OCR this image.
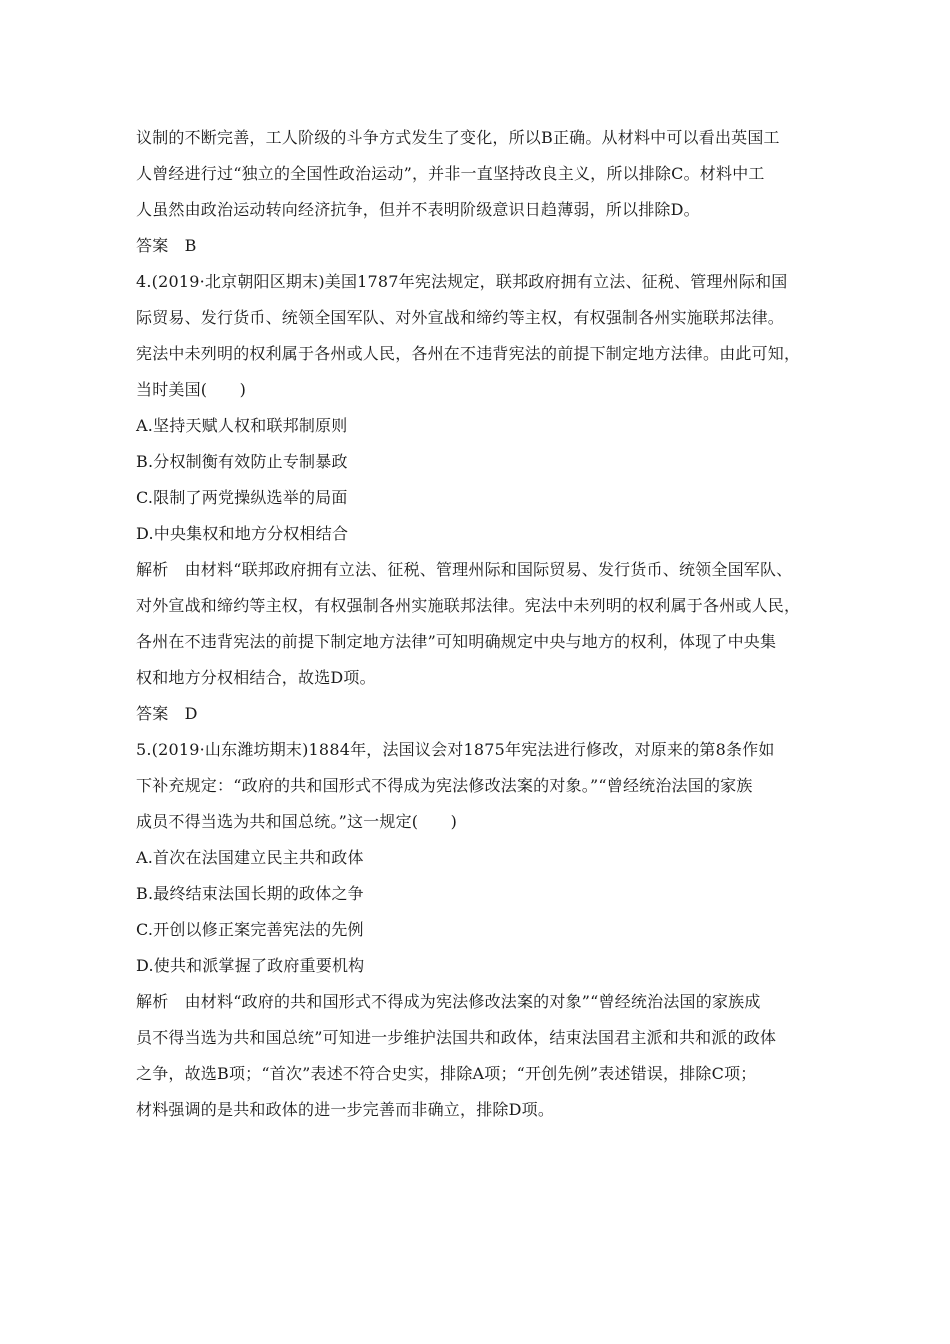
议制的不断完善，工人阶级的斗争方式发生了变化，所以B正确。从材料中可以看出英国工
人曾经进行过“独立的全国性政治运动”，并非一直坚持改良主义，所以排除C。材料中工
人虽然由政治运动转向经济抗争，但并不表明阶级意识日趋薄弱，所以排除D。
答案　B
4.(2019·北京朝阳区期末)美国1787年宪法规定，联邦政府拥有立法、征税、管理州际和国
际贸易、发行货币、统领全国军队、对外宣战和缔约等主权，有权强制各州实施联邦法律。
宪法中未列明的权利属于各州或人民，各州在不违背宪法的前提下制定地方法律。由此可知，
当时美国(　　)
A.坚持天赋人权和联邦制原则
B.分权制衡有效防止专制暴政
C.限制了两党操纵选举的局面
D.中央集权和地方分权相结合
解析　由材料“联邦政府拥有立法、征税、管理州际和国际贸易、发行货币、统领全国军队、
对外宣战和缔约等主权，有权强制各州实施联邦法律。宪法中未列明的权利属于各州或人民，
各州在不违背宪法的前提下制定地方法律”可知明确规定中央与地方的权利，体现了中央集
权和地方分权相结合，故选D项。
答案　D
5.(2019·山东潍坊期末)1884年，法国议会对1875年宪法进行修改，对原来的第8条作如
下补充规定：“政府的共和国形式不得成为宪法修改法案的对象。”“曾经统治法国的家族
成员不得当选为共和国总统。”这一规定(　　)
A.首次在法国建立民主共和政体
B.最终结束法国长期的政体之争
C.开创以修正案完善宪法的先例
D.使共和派掌握了政府重要机构
解析　由材料“政府的共和国形式不得成为宪法修改法案的对象”“曾经统治法国的家族成
员不得当选为共和国总统”可知进一步维护法国共和政体，结束法国君主派和共和派的政体
之争，故选B项；“首次”表述不符合史实，排除A项；“开创先例”表述错误，排除C项；
材料强调的是共和政体的进一步完善而非确立，排除D项。
